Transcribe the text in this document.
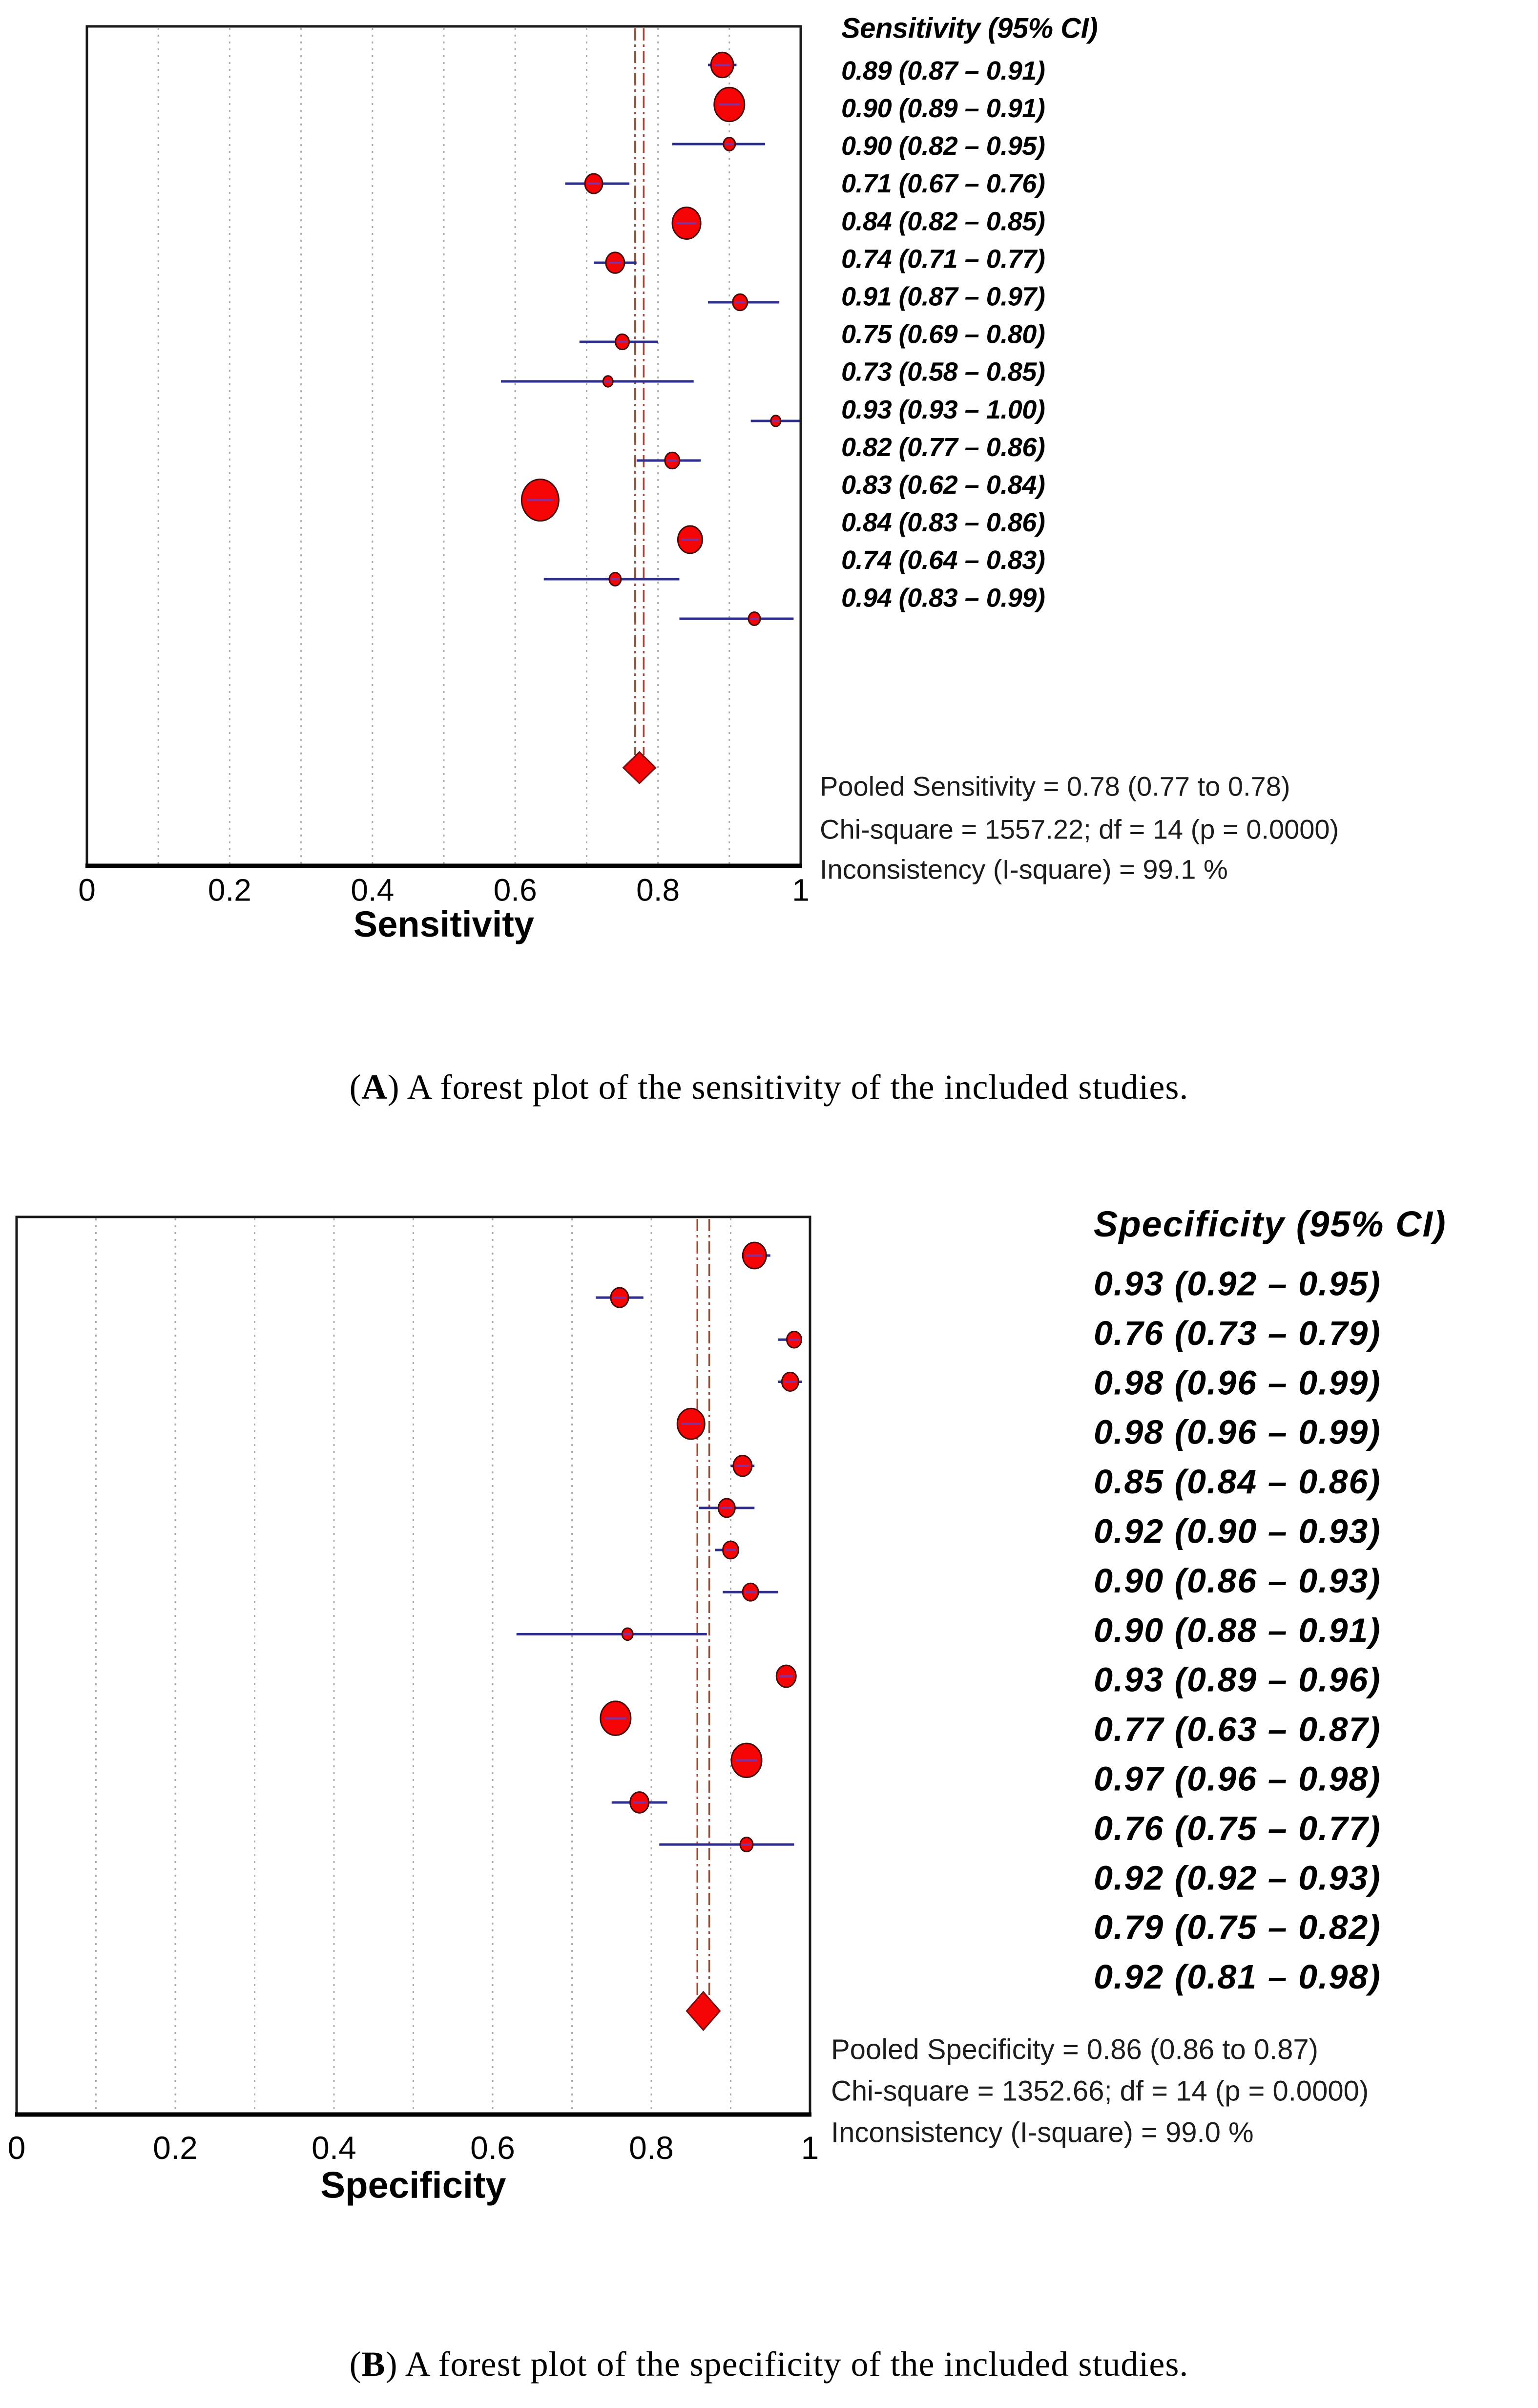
0	0.2	0.4	0.6	0.8	1
Sensitivity
Sensitivity (95% CI)
0.89 (0.87 – 0.91)
0.90 (0.89 – 0.91)
0.90 (0.82 – 0.95)
0.71 (0.67 – 0.76)
0.84 (0.82 – 0.85)
0.74 (0.71 – 0.77)
0.91 (0.87 – 0.97)
0.75 (0.69 – 0.80)
0.73 (0.58 – 0.85)
0.93 (0.93 – 1.00)
0.82 (0.77 – 0.86)
0.83 (0.62 – 0.84)
0.84 (0.83 – 0.86)
0.74 (0.64 – 0.83)
0.94 (0.83 – 0.99)
Pooled Sensitivity = 0.78 (0.77 to 0.78)
Chi-square = 1557.22; df = 14 (p = 0.0000)
Inconsistency (I-square) = 99.1 %
0	0.2	0.4	0.6	0.8	1
Specificity
Specificity (95% CI)
0.93 (0.92 – 0.95)
0.76 (0.73 – 0.79)
0.98 (0.96 – 0.99)
0.98 (0.96 – 0.99)
0.85 (0.84 – 0.86)
0.92 (0.90 – 0.93)
0.90 (0.86 – 0.93)
0.90 (0.88 – 0.91)
0.93 (0.89 – 0.96)
0.77 (0.63 – 0.87)
0.97 (0.96 – 0.98)
0.76 (0.75 – 0.77)
0.92 (0.92 – 0.93)
0.79 (0.75 – 0.82)
0.92 (0.81 – 0.98)
Pooled Specificity = 0.86 (0.86 to 0.87)
Chi-square = 1352.66; df = 14 (p = 0.0000)
Inconsistency (I-square) = 99.0 %
(A) A forest plot of the sensitivity of the included studies.
(B) A forest plot of the specificity of the included studies.
